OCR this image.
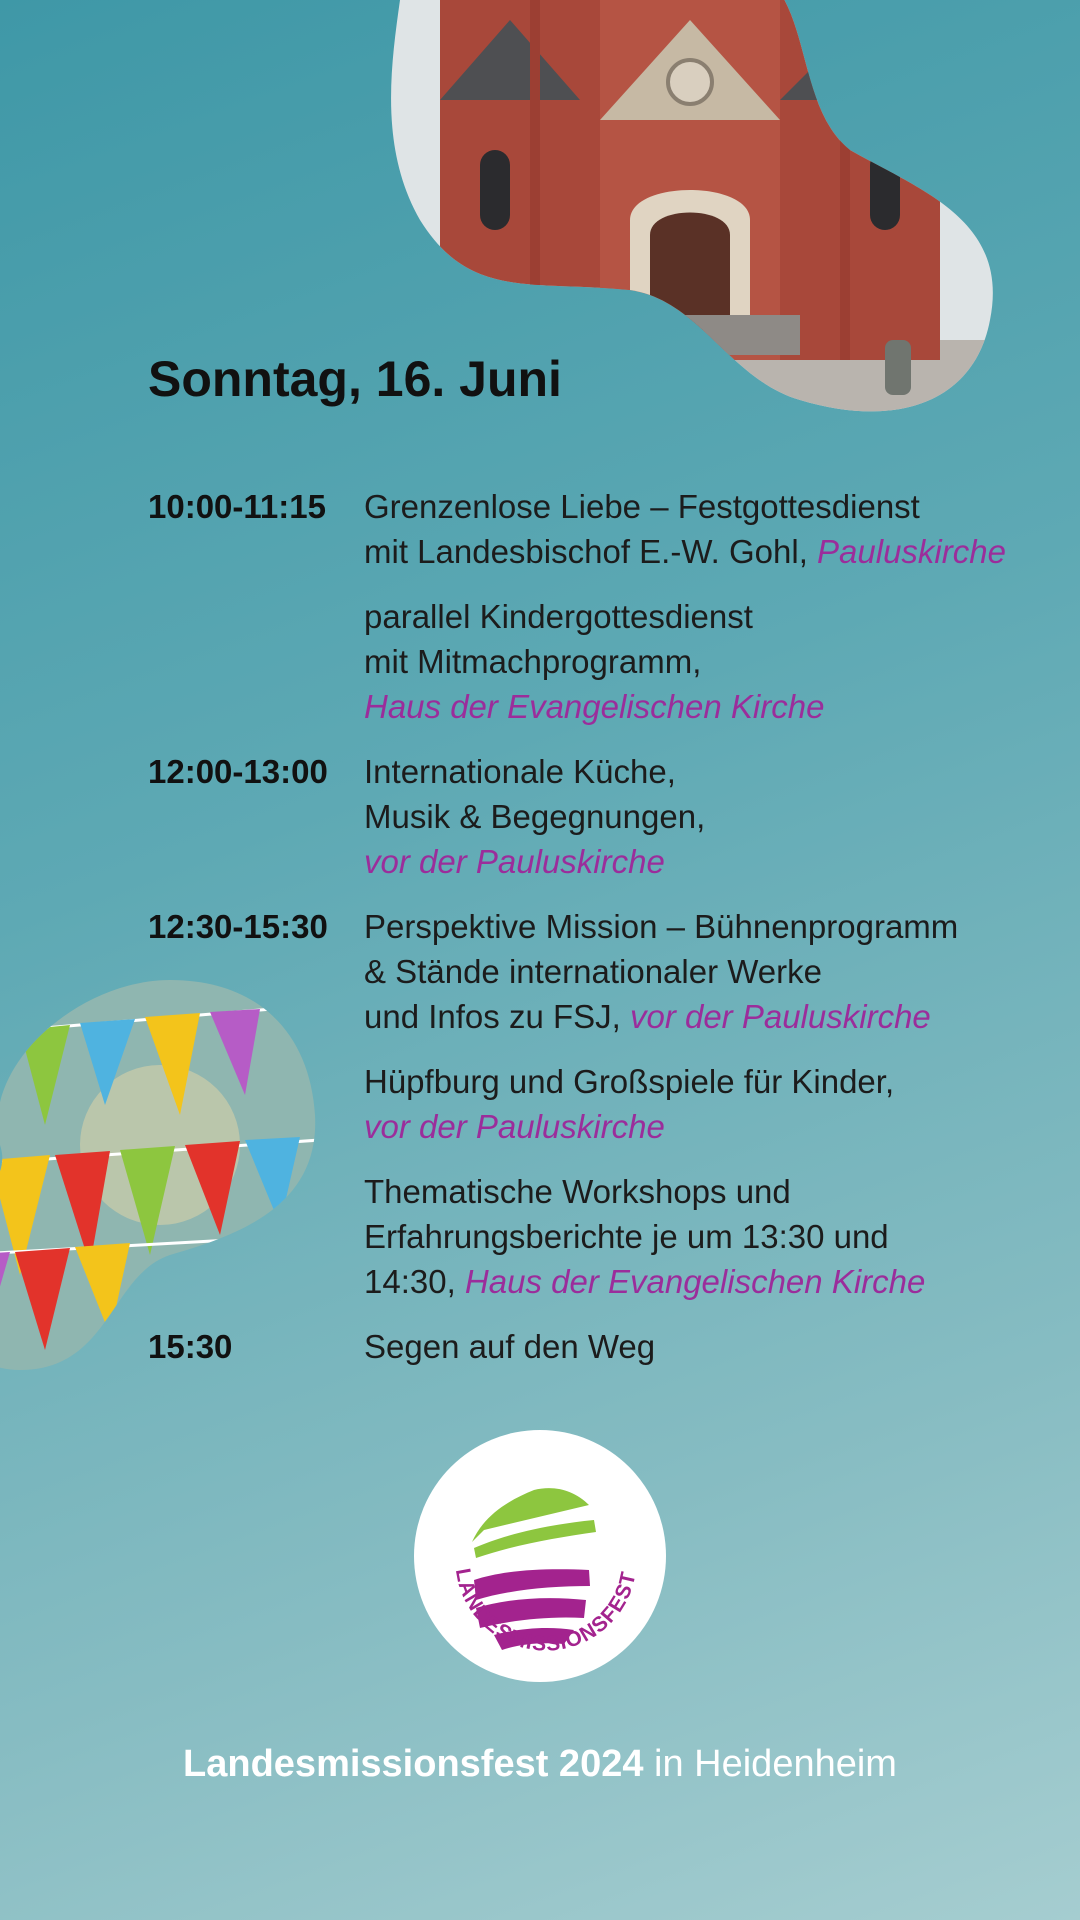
Sonntag, 16. Juni
10:00-11:15	Grenzenlose Liebe – Festgottesdienst
mit Landesbischof E.-W. Gohl, Pauluskirche
parallel Kindergottesdienst
mit Mitmachprogramm,
Haus der Evangelischen Kirche
12:00-13:00	Internationale Küche,
Musik & Begegnungen,
vor der Pauluskirche
12:30-15:30	Perspektive Mission – Bühnenprogramm
& Stände internationaler Werke
und Infos zu FSJ, vor der Pauluskirche
Hüpfburg und Großspiele für Kinder,
vor der Pauluskirche
Thematische Workshops und
Erfahrungsberichte je um 13:30 und
14:30, Haus der Evangelischen Kirche
15:30	Segen auf den Weg
LANDESMISSIONSFEST
Landesmissionsfest 2024 in Heidenheim
